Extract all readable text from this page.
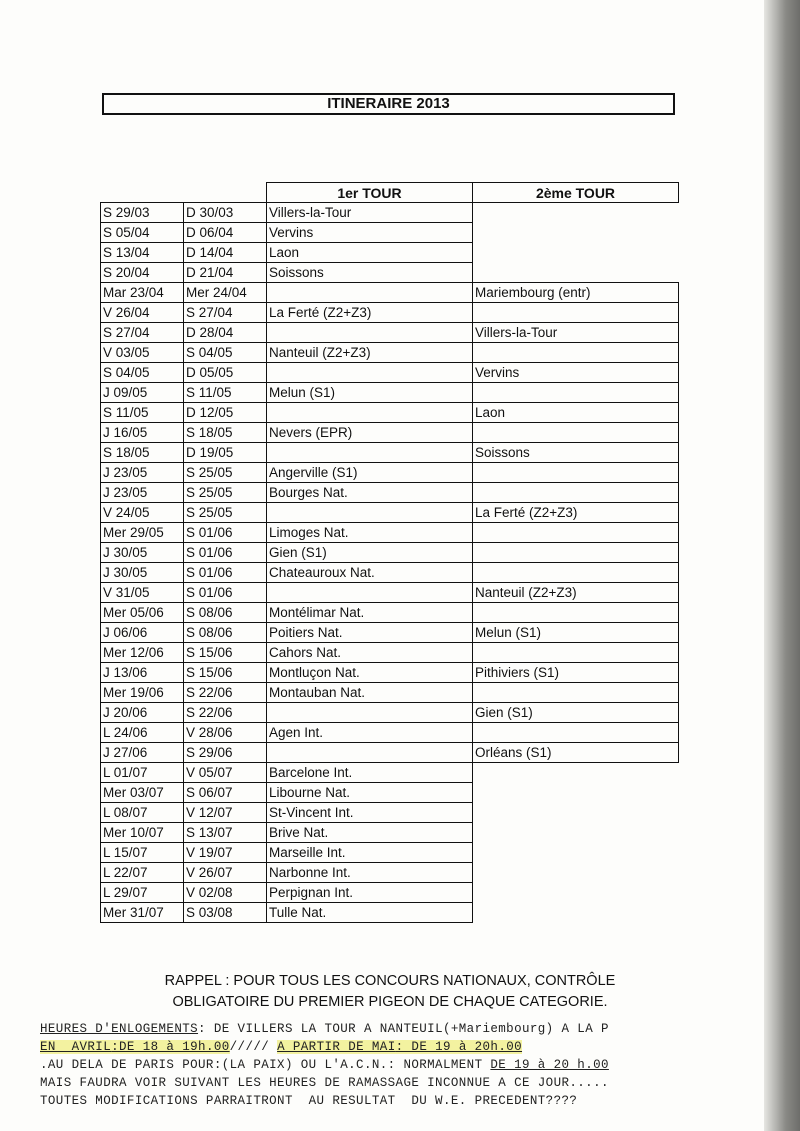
ITINERAIRE 2013
		1er TOUR	2ème TOUR
S 29/03	D 30/03	Villers-la-Tour	
S 05/04	D 06/04	Vervins	
S 13/04	D 14/04	Laon	
S 20/04	D 21/04	Soissons	
Mar 23/04	Mer 24/04		Mariembourg (entr)
V 26/04	S 27/04	La Ferté (Z2+Z3)	
S 27/04	D 28/04		Villers-la-Tour
V 03/05	S 04/05	Nanteuil (Z2+Z3)	
S 04/05	D 05/05		Vervins
J 09/05	S 11/05	Melun (S1)	
S 11/05	D 12/05		Laon
J 16/05	S 18/05	Nevers (EPR)	
S 18/05	D 19/05		Soissons
J 23/05	S 25/05	Angerville (S1)	
J 23/05	S 25/05	Bourges Nat.	
V 24/05	S 25/05		La Ferté (Z2+Z3)
Mer 29/05	S 01/06	Limoges Nat.	
J 30/05	S 01/06	Gien (S1)	
J 30/05	S 01/06	Chateauroux Nat.	
V 31/05	S 01/06		Nanteuil (Z2+Z3)
Mer 05/06	S 08/06	Montélimar Nat.	
J 06/06	S 08/06	Poitiers Nat.	Melun (S1)
Mer 12/06	S 15/06	Cahors Nat.	
J 13/06	S 15/06	Montluçon Nat.	Pithiviers (S1)
Mer 19/06	S 22/06	Montauban Nat.	
J 20/06	S 22/06		Gien (S1)
L 24/06	V 28/06	Agen Int.	
J 27/06	S 29/06		Orléans (S1)
L 01/07	V 05/07	Barcelone Int.	
Mer 03/07	S 06/07	Libourne Nat.	
L 08/07	V 12/07	St-Vincent Int.	
Mer 10/07	S 13/07	Brive Nat.	
L 15/07	V 19/07	Marseille Int.	
L 22/07	V 26/07	Narbonne Int.	
L 29/07	V 02/08	Perpignan Int.	
Mer 31/07	S 03/08	Tulle Nat.	
RAPPEL : POUR TOUS LES CONCOURS NATIONAUX, CONTRÔLE
OBLIGATOIRE DU PREMIER PIGEON DE CHAQUE CATEGORIE.
HEURES D'ENLOGEMENTS: DE VILLERS LA TOUR A NANTEUIL(+Mariembourg) A LA P
EN  AVRIL:DE 18 à 19h.00///// A PARTIR DE MAI: DE 19 à 20h.00
.AU DELA DE PARIS POUR:(LA PAIX) OU L'A.C.N.: NORMALMENT DE 19 à 20 h.00
MAIS FAUDRA VOIR SUIVANT LES HEURES DE RAMASSAGE INCONNUE A CE JOUR.....
TOUTES MODIFICATIONS PARRAITRONT  AU RESULTAT  DU W.E. PRECEDENT????
